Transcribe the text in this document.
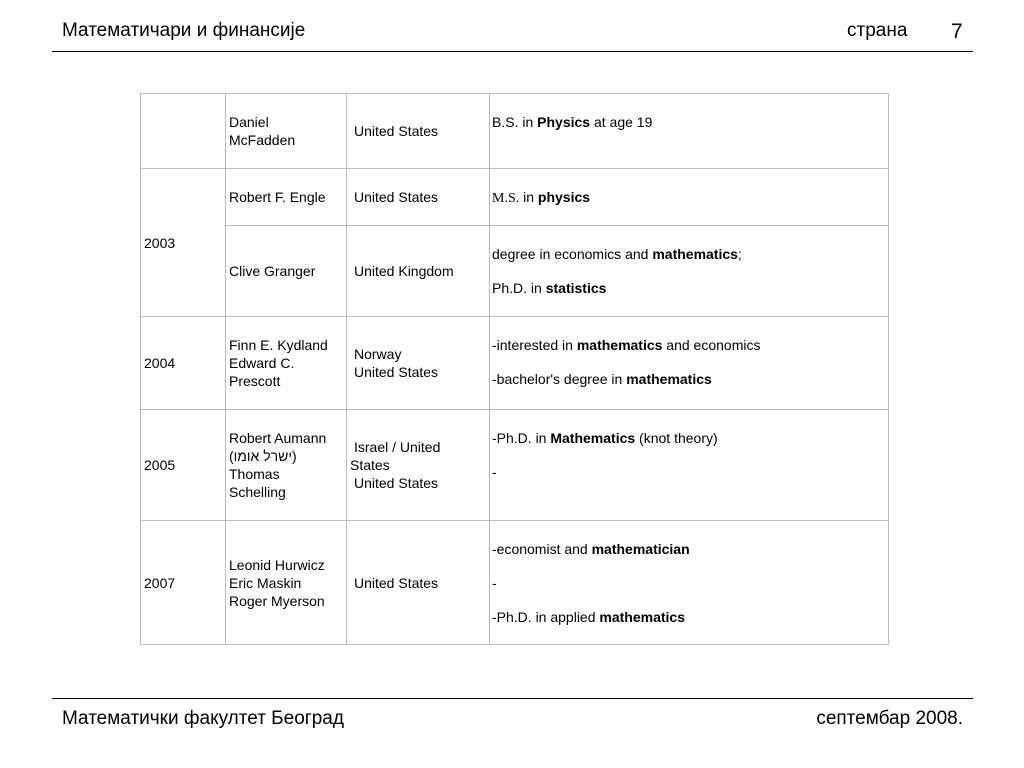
Математичари и финансије	страна 7

	Daniel
McFadden	United States	B.S. in Physics at age 19

2003	Robert F. Engle	United States	M.S. in physics

	Clive Granger	United Kingdom	degree in economics and mathematics;
Ph.D. in statistics

2004	Finn E. Kydland
Edward C.
Prescott	Norway
United States	-interested in mathematics and economics
-bachelor's degree in mathematics

2005	Robert Aumann
(ישרל אומו)
Thomas
Schelling	Israel / United
States
United States	-Ph.D. in Mathematics (knot theory)
-

2007	Leonid Hurwicz
Eric Maskin
Roger Myerson	United States	-economist and mathematician
-
-Ph.D. in applied mathematics
Математички факултет Београд	септембар 2008.
